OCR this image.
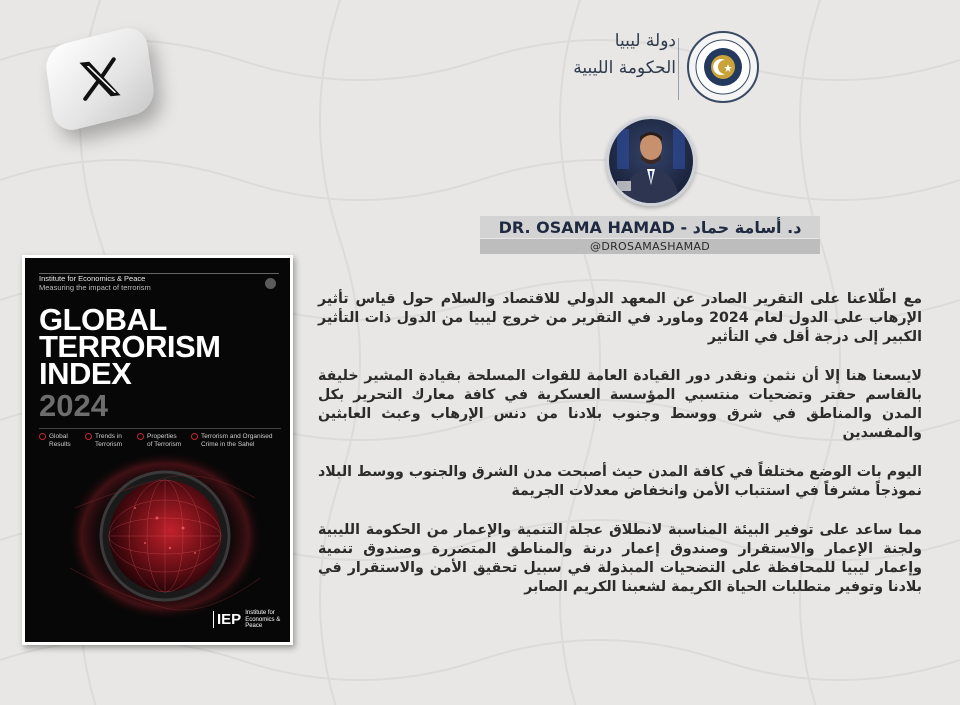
دولة ليبيا
الحكومة الليبية
DR. OSAMA HAMAD - د. أسامة حماد
@DROSAMASHAMAD
Institute for Economics & Peace
Measuring the impact of terrorism
GLOBAL
TERRORISM
INDEX
2024
Global
Results
Trends in
Terrorism
Properties
of Terrorism
Terrorism and Organised
Crime in the Sahel
IEP Institute for
Economics &
Peace

مع اطّلاعنا على التقرير الصادر عن المعهد الدولي للاقتصاد والسلام حول قياس تأثير الإرهاب على الدول لعام 2024 وماورد في التقرير من خروج ليبيا من الدول ذات التأثير الكبير إلى درجة أقل في التأثير

لايسعنا هنا إلا أن نثمن ونقدر دور القيادة العامة للقوات المسلحة بقيادة المشير خليفة بالقاسم حفتر وتضحيات منتسبي المؤسسة العسكرية في كافة معارك التحرير بكل المدن والمناطق في شرق ووسط وجنوب بلادنا من دنس الإرهاب وعبث العابثين والمفسدين

اليوم بات الوضع مختلفاً في كافة المدن حيث أصبحت مدن الشرق والجنوب ووسط البلاد نموذجاً مشرفاً في استتباب الأمن وانخفاض معدلات الجريمة

مما ساعد على توفير البيئة المناسبة لانطلاق عجلة التنمية والإعمار من الحكومة الليبية ولجنة الإعمار والاستقرار وصندوق إعمار درنة والمناطق المتضررة وصندوق تنمية وإعمار ليبيا للمحافظة على التضحيات المبذولة في سبيل تحقيق الأمن والاستقرار في بلادنا وتوفير متطلبات الحياة الكريمة لشعبنا الكريم الصابر
